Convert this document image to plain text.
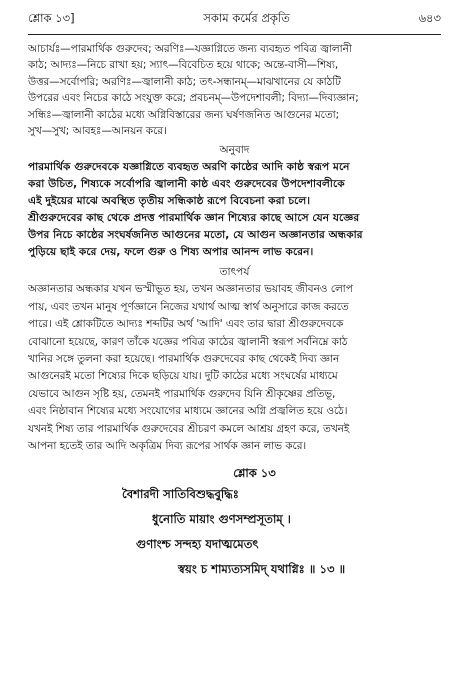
শ্লোক ১৩]	সকাম কর্মের প্রকৃতি	৬৪৩

আচার্যঃ—পারমার্থিক গুরুদেব; অরণিঃ—যজ্ঞাগ্নিতে জন্য ব্যবহৃত পবিত্র জ্বালানী

কাঠ; আদ্যঃ—নিচে রাখা হয়; স্যাৎ—বিবেচিত হয়ে থাকে; অন্তে-বাসী—শিষ্য,

উত্তর—সর্বোপরি; অরণিঃ—জ্বালানী কাঠ; তৎ-সন্ধানম্—মাঝখানের যে কাঠটি

উপরের এবং নিচের কাঠে সংযুক্ত করে; প্রবচনম্—উপদেশাবলী; বিদ্যা—দিব্যজ্ঞান;

সন্ধিঃ—জ্বালানী কাঠের মধ্যে অগ্নিবিস্তারের জন্য ঘর্ষণজনিত আগুনের মতো;

সুখ—সুখ; আবহঃ—আনয়ন করে।

অনুবাদ

পারমার্থিক গুরুদেবকে যজ্ঞাগ্নিতে ব্যবহৃত অরণি কাষ্ঠের আদি কাষ্ঠ স্বরূপ মনে

করা উচিত, শিষ্যকে সর্বোপরি জ্বালানী কাষ্ঠ এবং গুরুদেবের উপদেশাবলীকে

এই দুইয়ের মাঝে অবস্থিত তৃতীয় সন্ধিকাষ্ঠ রূপে বিবেচনা করা চলে।

শ্রীগুরুদেবের কাছ থেকে প্রদত্ত পারমার্থিক জ্ঞান শিষ্যের কাছে আসে যেন যজ্ঞের

উপর নিচে কাষ্ঠের সংঘর্ষজনিত আগুনের মতো, যে আগুন অজ্ঞানতার অন্ধকার

পুড়িয়ে ছাই করে দেয়, ফলে গুরু ও শিষ্য অপার আনন্দ লাভ করেন।

তাৎপর্য

অজ্ঞানতার অন্ধকার যখন ভস্মীভূত হয়, তখন অজ্ঞানতার ভয়াবহ জীবনও লোপ

পায়, এবং তখন মানুষ পূর্ণজ্ঞানে নিজের যথার্থ আত্ম স্বার্থ অনুসারে কাজ করতে

পারে। এই শ্লোকটিতে আদ্যঃ শব্দটির অর্থ 'আদি' এবং তার দ্বারা শ্রীগুরুদেবকে

বোঝানো হয়েছে, কারণ তাঁকে যজ্ঞের পবিত্র কাঠের জ্বালানী স্বরূপ সর্বনিম্নে কাঠ

খানির সঙ্গে তুলনা করা হয়েছে। পারমার্থিক গুরুদেবের কাছ থেকেই দিব্য জ্ঞান

আগুনেরই মতো শিষ্যের দিকে ছড়িয়ে যায়। দুটি কাঠের মধ্যে সংঘর্ষের মাধ্যমে

যেভাবে আগুন সৃষ্টি হয়, তেমনই পারমার্থিক গুরুদেব যিনি শ্রীকৃষ্ণের প্রতিভূ,

এবং নিষ্ঠাবান শিষ্যের মধ্যে সংযোগের মাধ্যমে জ্ঞানের অগ্নি প্রজ্বলিত হয়ে ওঠে।

যখনই শিষ্য তার পারমার্থিক গুরুদেবের শ্রীচরণ কমলে আশ্রয় গ্রহণ করে, তখনই

আপনা হতেই তার আদি অকৃত্রিম দিব্য রূপের সার্থক জ্ঞান লাভ করে।

শ্লোক ১৩

বৈশারদী সাতিবিশুদ্ধবুদ্ধিঃ

ধুনোতি মায়াং গুণসম্প্রসূতাম্ ।

গুণাংশ্চ সন্দহ্য যদাত্মমেতৎ

স্বয়ং চ শাম্যত্যসমিদ্ যথাগ্নিঃ ॥ ১৩ ॥
